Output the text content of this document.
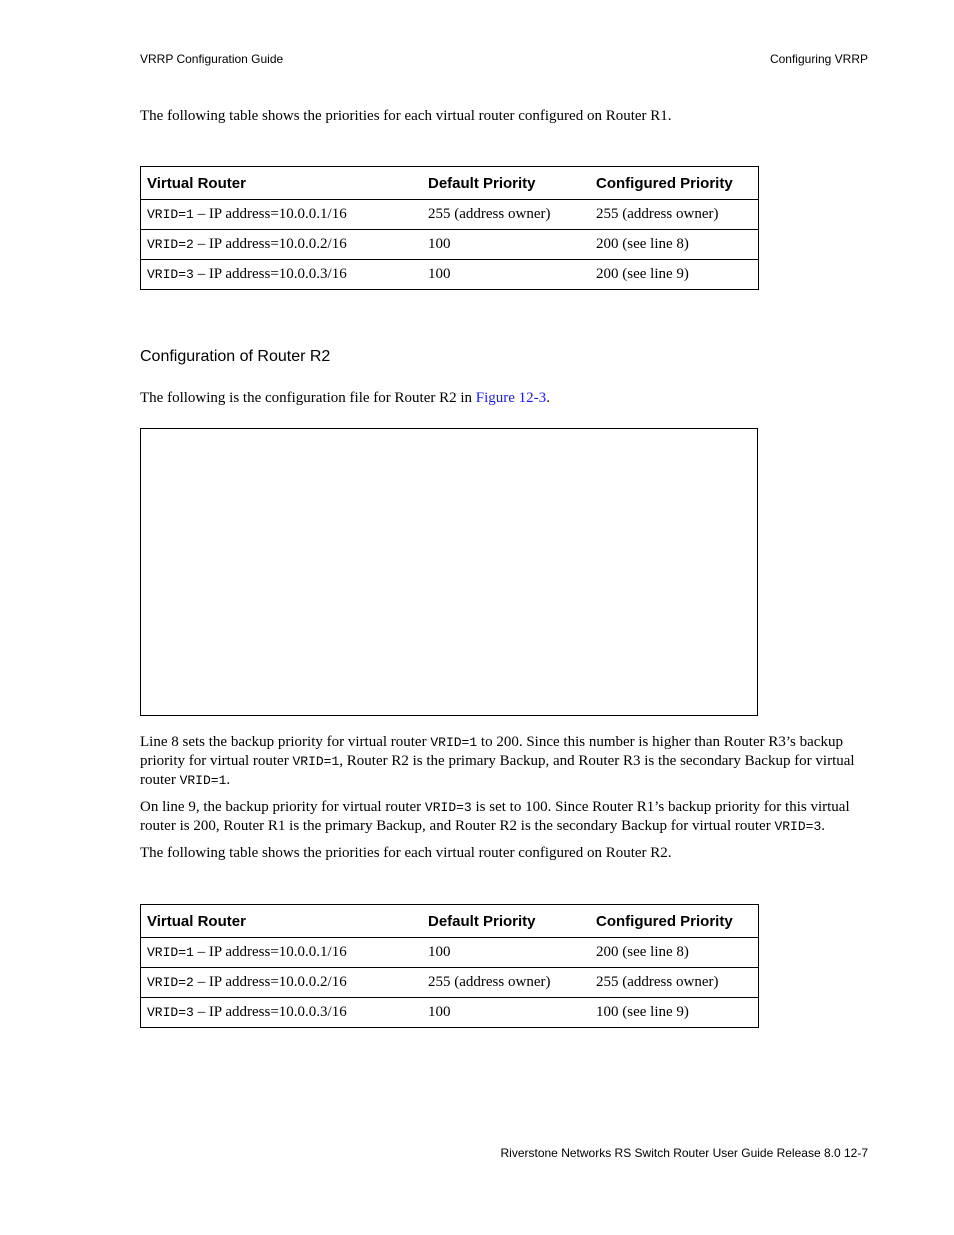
VRRP Configuration Guide	Configuring VRRP
The following table shows the priorities for each virtual router configured on Router R1.
Virtual Router	Default Priority	Configured Priority
VRID=1 – IP address=10.0.0.1/16	255 (address owner)	255 (address owner)
VRID=2 – IP address=10.0.0.2/16	100	200 (see line 8)
VRID=3 – IP address=10.0.0.3/16	100	200 (see line 9)
Configuration of Router R2
The following is the configuration file for Router R2 in Figure 12-3.
Line 8 sets the backup priority for virtual router VRID=1 to 200. Since this number is higher than Router R3’s backup priority for virtual router VRID=1, Router R2 is the primary Backup, and Router R3 is the secondary Backup for virtual router VRID=1.
On line 9, the backup priority for virtual router VRID=3 is set to 100. Since Router R1’s backup priority for this virtual router is 200, Router R1 is the primary Backup, and Router R2 is the secondary Backup for virtual router VRID=3.
The following table shows the priorities for each virtual router configured on Router R2.
Virtual Router	Default Priority	Configured Priority
VRID=1 – IP address=10.0.0.1/16	100	200 (see line 8)
VRID=2 – IP address=10.0.0.2/16	255 (address owner)	255 (address owner)
VRID=3 – IP address=10.0.0.3/16	100	100 (see line 9)
Riverstone Networks RS Switch Router User Guide Release 8.0 12-7
